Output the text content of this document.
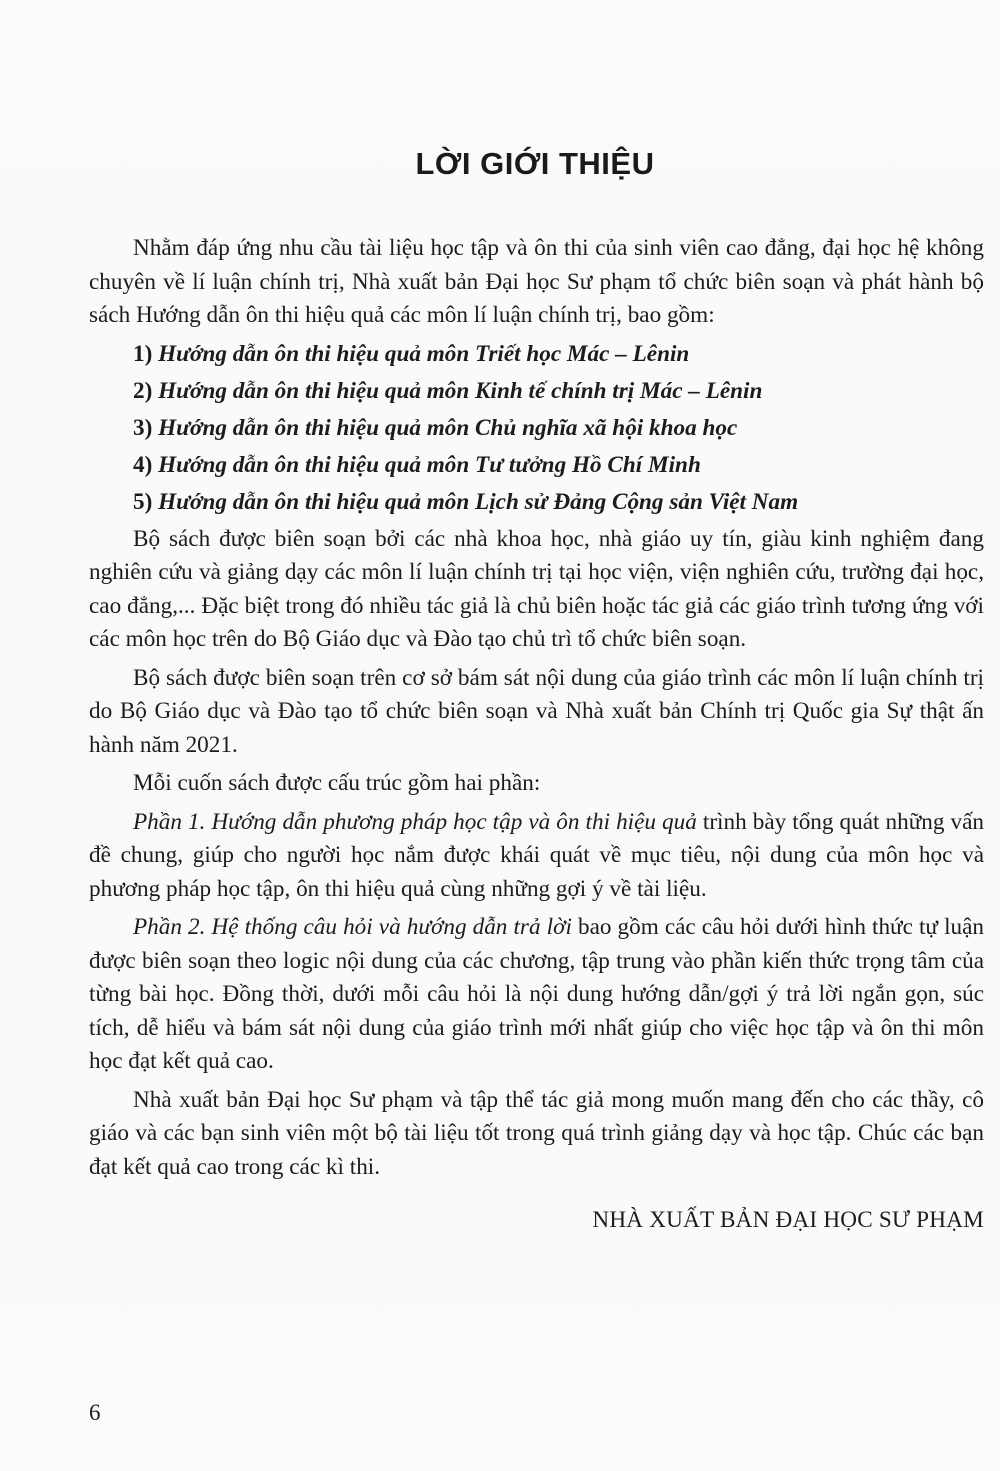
LỜI GIỚI THIỆU

Nhằm đáp ứng nhu cầu tài liệu học tập và ôn thi của sinh viên cao đẳng, đại học hệ không chuyên về lí luận chính trị, Nhà xuất bản Đại học Sư phạm tổ chức biên soạn và phát hành bộ sách Hướng dẫn ôn thi hiệu quả các môn lí luận chính trị, bao gồm:

1) Hướng dẫn ôn thi hiệu quả môn Triết học Mác – Lênin
2) Hướng dẫn ôn thi hiệu quả môn Kinh tế chính trị Mác – Lênin
3) Hướng dẫn ôn thi hiệu quả môn Chủ nghĩa xã hội khoa học
4) Hướng dẫn ôn thi hiệu quả môn Tư tưởng Hồ Chí Minh
5) Hướng dẫn ôn thi hiệu quả môn Lịch sử Đảng Cộng sản Việt Nam

Bộ sách được biên soạn bởi các nhà khoa học, nhà giáo uy tín, giàu kinh nghiệm đang nghiên cứu và giảng dạy các môn lí luận chính trị tại học viện, viện nghiên cứu, trường đại học, cao đẳng,... Đặc biệt trong đó nhiều tác giả là chủ biên hoặc tác giả các giáo trình tương ứng với các môn học trên do Bộ Giáo dục và Đào tạo chủ trì tổ chức biên soạn.

Bộ sách được biên soạn trên cơ sở bám sát nội dung của giáo trình các môn lí luận chính trị do Bộ Giáo dục và Đào tạo tổ chức biên soạn và Nhà xuất bản Chính trị Quốc gia Sự thật ấn hành năm 2021.

Mỗi cuốn sách được cấu trúc gồm hai phần:

Phần 1. Hướng dẫn phương pháp học tập và ôn thi hiệu quả trình bày tổng quát những vấn đề chung, giúp cho người học nắm được khái quát về mục tiêu, nội dung của môn học và phương pháp học tập, ôn thi hiệu quả cùng những gợi ý về tài liệu.

Phần 2. Hệ thống câu hỏi và hướng dẫn trả lời bao gồm các câu hỏi dưới hình thức tự luận được biên soạn theo logic nội dung của các chương, tập trung vào phần kiến thức trọng tâm của từng bài học. Đồng thời, dưới mỗi câu hỏi là nội dung hướng dẫn/gợi ý trả lời ngắn gọn, súc tích, dễ hiểu và bám sát nội dung của giáo trình mới nhất giúp cho việc học tập và ôn thi môn học đạt kết quả cao.

Nhà xuất bản Đại học Sư phạm và tập thể tác giả mong muốn mang đến cho các thầy, cô giáo và các bạn sinh viên một bộ tài liệu tốt trong quá trình giảng dạy và học tập. Chúc các bạn đạt kết quả cao trong các kì thi.

NHÀ XUẤT BẢN ĐẠI HỌC SƯ PHẠM

6
